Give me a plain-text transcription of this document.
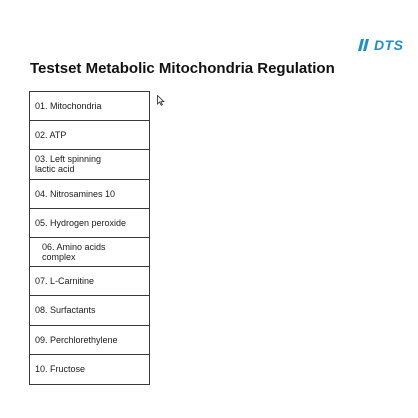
DTS
Testset Metabolic Mitochondria Regulation
01. Mitochondria
02. ATP
03. Left spinning
lactic acid
04. Nitrosamines 10
05. Hydrogen peroxide
06. Amino acids
complex
07. L-Carnitine
08. Surfactants
09. Perchlorethylene
10. Fructose
